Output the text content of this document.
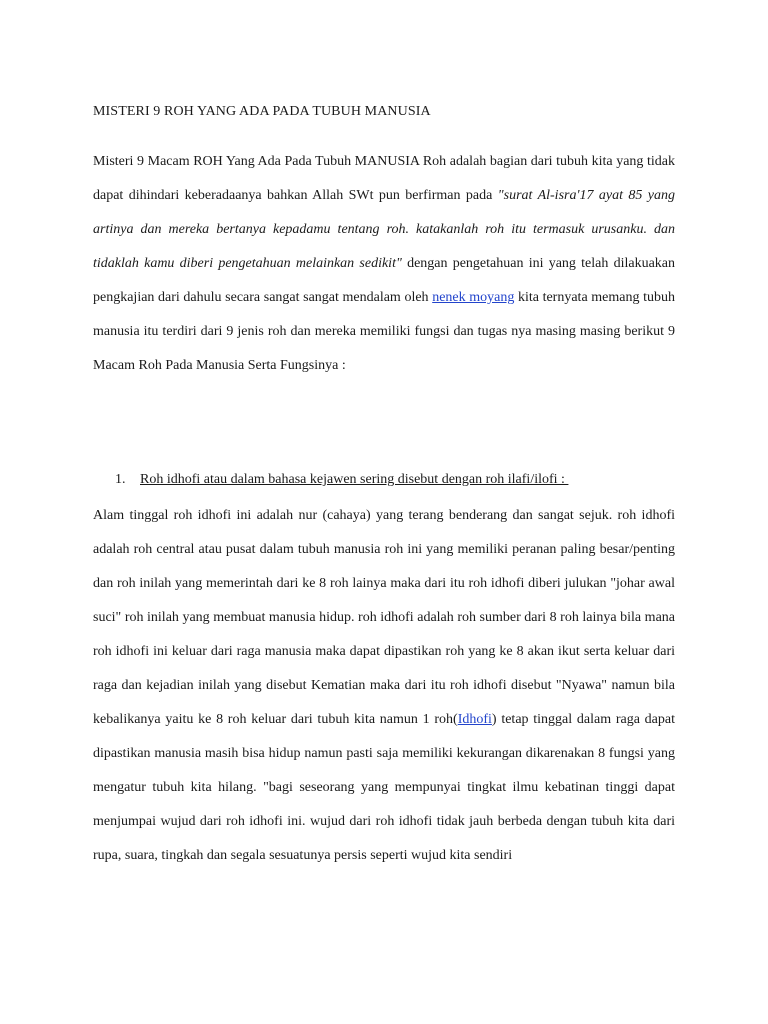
MISTERI 9 ROH YANG ADA PADA TUBUH MANUSIA
Misteri 9 Macam ROH Yang Ada Pada Tubuh MANUSIA Roh adalah bagian dari tubuh kita yang tidak dapat dihindari keberadaanya bahkan Allah SWt pun berfirman pada "surat Al-isra'17 ayat 85 yang artinya dan mereka bertanya kepadamu tentang roh. katakanlah roh itu termasuk urusanku. dan tidaklah kamu diberi pengetahuan melainkan sedikit" dengan pengetahuan ini yang telah dilakuakan pengkajian dari dahulu secara sangat sangat mendalam oleh nenek moyang kita ternyata memang tubuh manusia itu terdiri dari 9 jenis roh dan mereka memiliki fungsi dan tugas nya masing masing berikut 9 Macam Roh Pada Manusia Serta Fungsinya :
1. Roh idhofi atau dalam bahasa kejawen sering disebut dengan roh ilafi/ilofi :
Alam tinggal roh idhofi ini adalah nur (cahaya) yang terang benderang dan sangat sejuk. roh idhofi adalah roh central atau pusat dalam tubuh manusia roh ini yang memiliki peranan paling besar/penting dan roh inilah yang memerintah dari ke 8 roh lainya maka dari itu roh idhofi diberi julukan "johar awal suci" roh inilah yang membuat manusia hidup. roh idhofi adalah roh sumber dari 8 roh lainya bila mana roh idhofi ini keluar dari raga manusia maka dapat dipastikan roh yang ke 8 akan ikut serta keluar dari raga dan kejadian inilah yang disebut Kematian maka dari itu roh idhofi disebut "Nyawa" namun bila kebalikanya yaitu ke 8 roh keluar dari tubuh kita namun 1 roh(Idhofi) tetap tinggal dalam raga dapat dipastikan manusia masih bisa hidup namun pasti saja memiliki kekurangan dikarenakan 8 fungsi yang mengatur tubuh kita hilang. "bagi seseorang yang mempunyai tingkat ilmu kebatinan tinggi dapat menjumpai wujud dari roh idhofi ini. wujud dari roh idhofi tidak jauh berbeda dengan tubuh kita dari rupa, suara, tingkah dan segala sesuatunya persis seperti wujud kita sendiri
